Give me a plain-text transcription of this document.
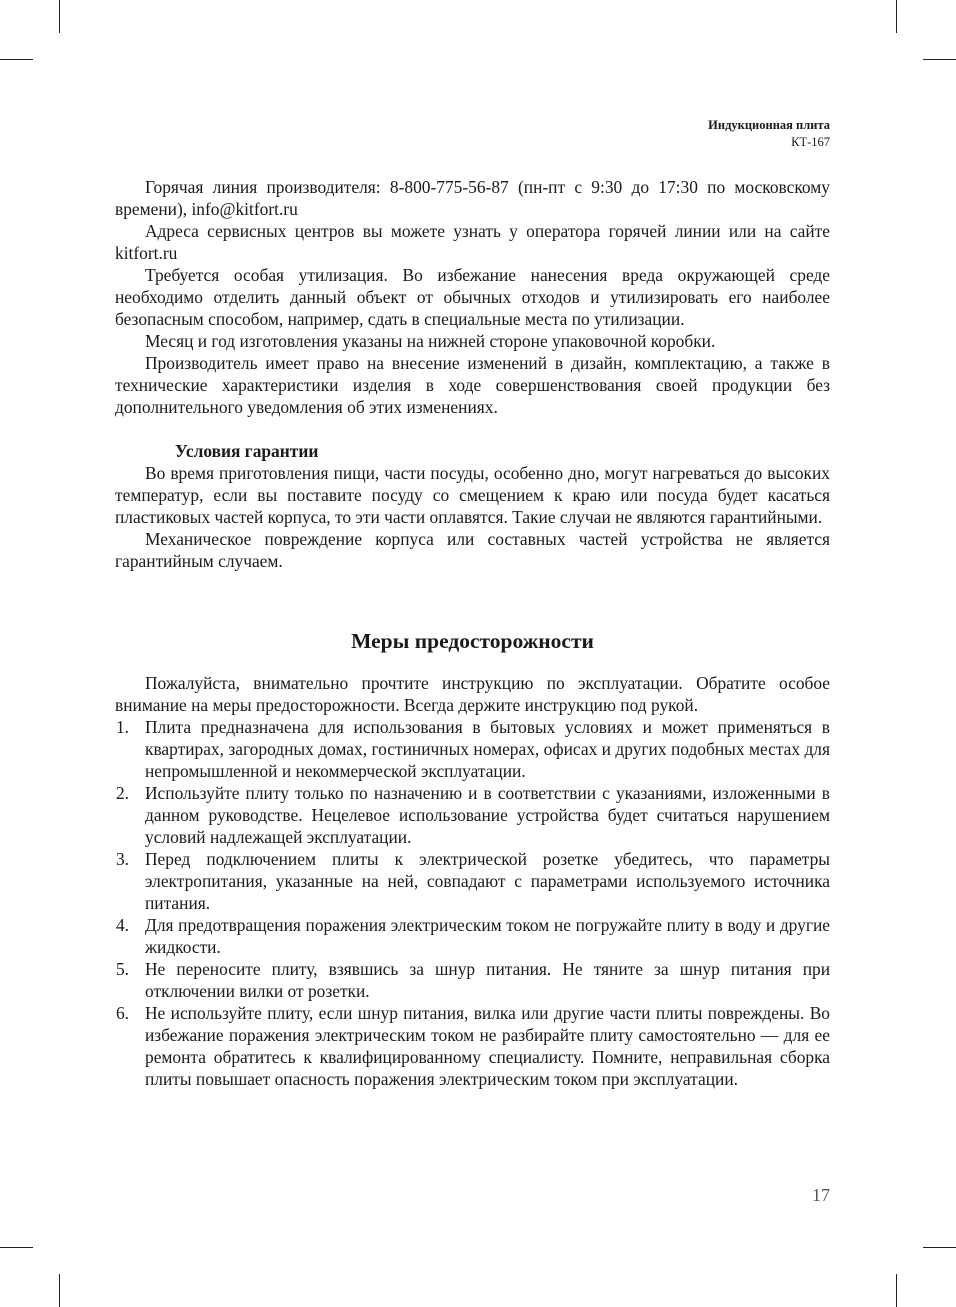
Индукционная плита
КТ-167

Горячая линия производителя: 8-800-775-56-87 (пн-пт с 9:30 до 17:30 по московскому времени), info@kitfort.ru

Адреса сервисных центров вы можете узнать у оператора горячей линии или на сайте kitfort.ru

Требуется особая утилизация. Во избежание нанесения вреда окружающей среде необходимо отделить данный объект от обычных отходов и утилизировать его наиболее безопасным способом, например, сдать в специальные места по утилизации.

Месяц и год изготовления указаны на нижней стороне упаковочной коробки.

Производитель имеет право на внесение изменений в дизайн, комплектацию, а также в технические характеристики изделия в ходе совершенствования своей продукции без дополнительного уведомления об этих изменениях.

Условия гарантии

Во время приготовления пищи, части посуды, особенно дно, могут нагреваться до высоких температур, если вы поставите посуду со смещением к краю или посуда будет касаться пластиковых частей корпуса, то эти части оплавятся. Такие случаи не являются гарантийными.

Механическое повреждение корпуса или составных частей устройства не является гарантийным случаем.

Меры предосторожности

Пожалуйста, внимательно прочтите инструкцию по эксплуатации. Обратите особое внимание на меры предосторожности. Всегда держите инструкцию под рукой.

1. Плита предназначена для использования в бытовых условиях и может применяться в квартирах, загородных домах, гостиничных номерах, офисах и других подобных местах для непромышленной и некоммерческой эксплуатации.
2. Используйте плиту только по назначению и в соответствии с указаниями, изложенными в данном руководстве. Нецелевое использование устройства будет считаться нарушением условий надлежащей эксплуатации.
3. Перед подключением плиты к электрической розетке убедитесь, что параметры электропитания, указанные на ней, совпадают с параметрами используемого источника питания.
4. Для предотвращения поражения электрическим током не погружайте плиту в воду и другие жидкости.
5. Не переносите плиту, взявшись за шнур питания. Не тяните за шнур питания при отключении вилки от розетки.
6. Не используйте плиту, если шнур питания, вилка или другие части плиты повреждены. Во избежание поражения электрическим током не разбирайте плиту самостоятельно — для ее ремонта обратитесь к квалифицированному специалисту. Помните, неправильная сборка плиты повышает опасность поражения электрическим током при эксплуатации.
17
